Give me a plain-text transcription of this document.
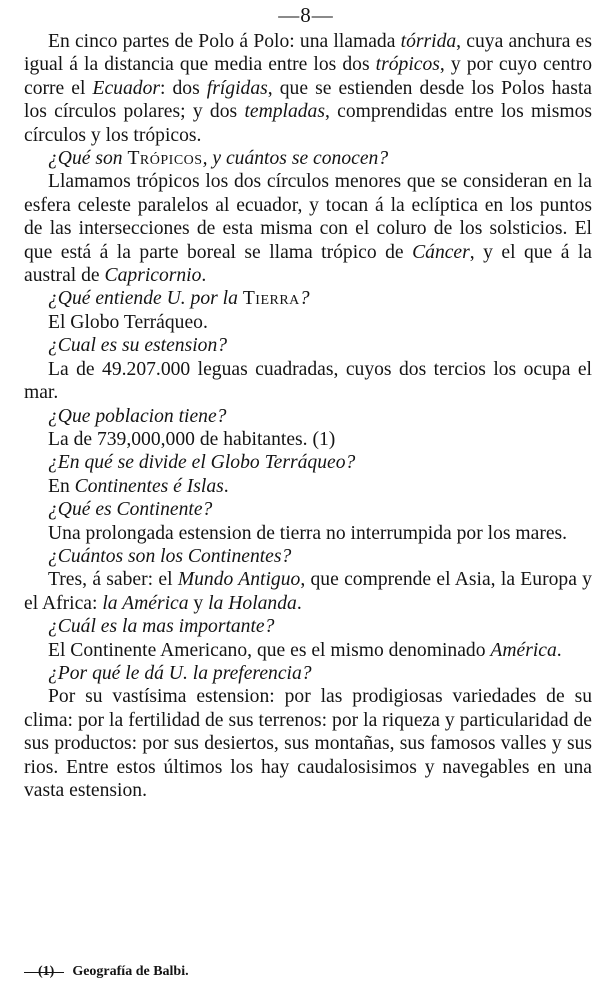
—8—

En cinco partes de Polo á Polo: una llamada tórrida, cuya anchura es igual á la distancia que media entre los dos trópicos, y por cuyo centro corre el Ecuador: dos frígidas, que se estienden desde los Polos hasta los círculos polares; y dos templadas, comprendidas entre los mismos círculos y los trópicos.

¿Qué son Trópicos, y cuántos se conocen?

Llamamos trópicos los dos círculos menores que se consideran en la esfera celeste paralelos al ecuador, y tocan á la eclíptica en los puntos de las intersecciones de esta misma con el coluro de los solsticios. El que está á la parte boreal se llama trópico de Cáncer, y el que á la austral de Capricornio.

¿Qué entiende U. por la Tierra?

El Globo Terráqueo.

¿Cual es su estension?

La de 49.207.000 leguas cuadradas, cuyos dos tercios los ocupa el mar.

¿Que poblacion tiene?

La de 739,000,000 de habitantes. (1)

¿En qué se divide el Globo Terráqueo?

En Continentes é Islas.

¿Qué es Continente?

Una prolongada estension de tierra no interrumpida por los mares.

¿Cuántos son los Continentes?

Tres, á saber: el Mundo Antiguo, que comprende el Asia, la Europa y el Africa: la América y la Holanda.

¿Cuál es la mas importante?

El Continente Americano, que es el mismo denominado América.

¿Por qué le dá U. la preferencia?

Por su vastísima estension: por las prodigiosas variedades de su clima: por la fertilidad de sus terrenos: por la riqueza y particularidad de sus productos: por sus desiertos, sus montañas, sus famosos valles y sus rios. Entre estos últimos los hay caudalosisimos y navegables en una vasta estension.

(1) Geografía de Balbi.
